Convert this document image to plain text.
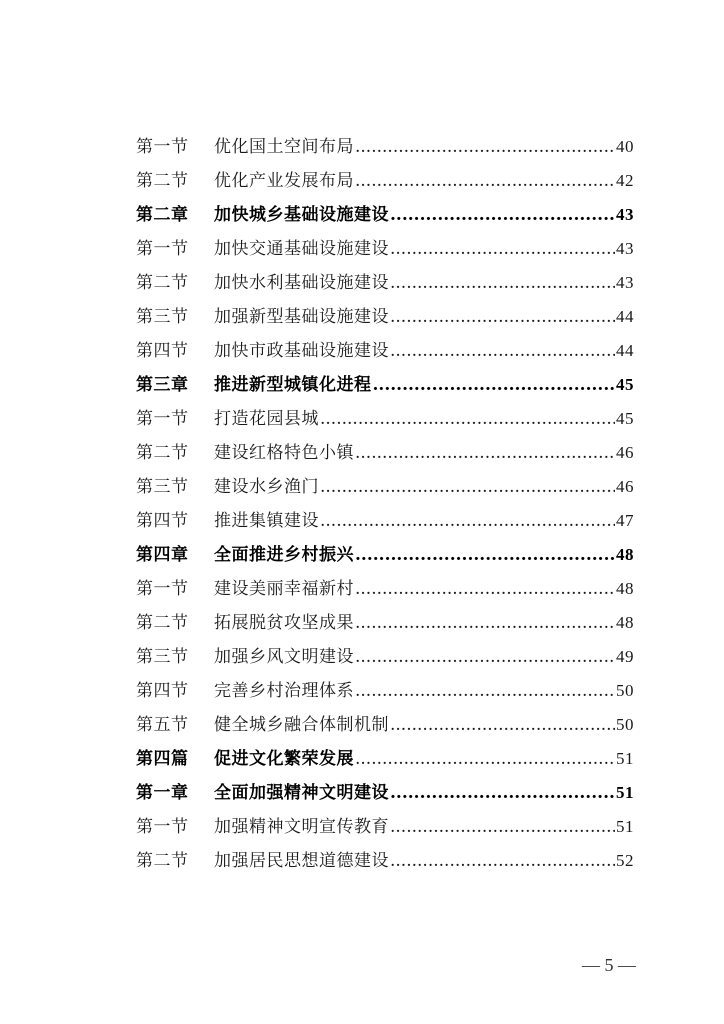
第一节	优化国土空间布局 .....	40
第二节	优化产业发展布局 .....	42
第二章	加快城乡基础设施建设 .....	43
第一节	加快交通基础设施建设 .....	43
第二节	加快水利基础设施建设 .....	43
第三节	加强新型基础设施建设 .....	44
第四节	加快市政基础设施建设 .....	44
第三章	推进新型城镇化进程 .....	45
第一节	打造花园县城 .....	45
第二节	建设红格特色小镇 .....	46
第三节	建设水乡渔门 .....	46
第四节	推进集镇建设 .....	47
第四章	全面推进乡村振兴 .....	48
第一节	建设美丽幸福新村 .....	48
第二节	拓展脱贫攻坚成果 .....	48
第三节	加强乡风文明建设 .....	49
第四节	完善乡村治理体系 .....	50
第五节	健全城乡融合体制机制 .....	50
第四篇	促进文化繁荣发展 .....	51
第一章	全面加强精神文明建设 .....	51
第一节	加强精神文明宣传教育 .....	51
第二节	加强居民思想道德建设 .....	52
— 5 —
